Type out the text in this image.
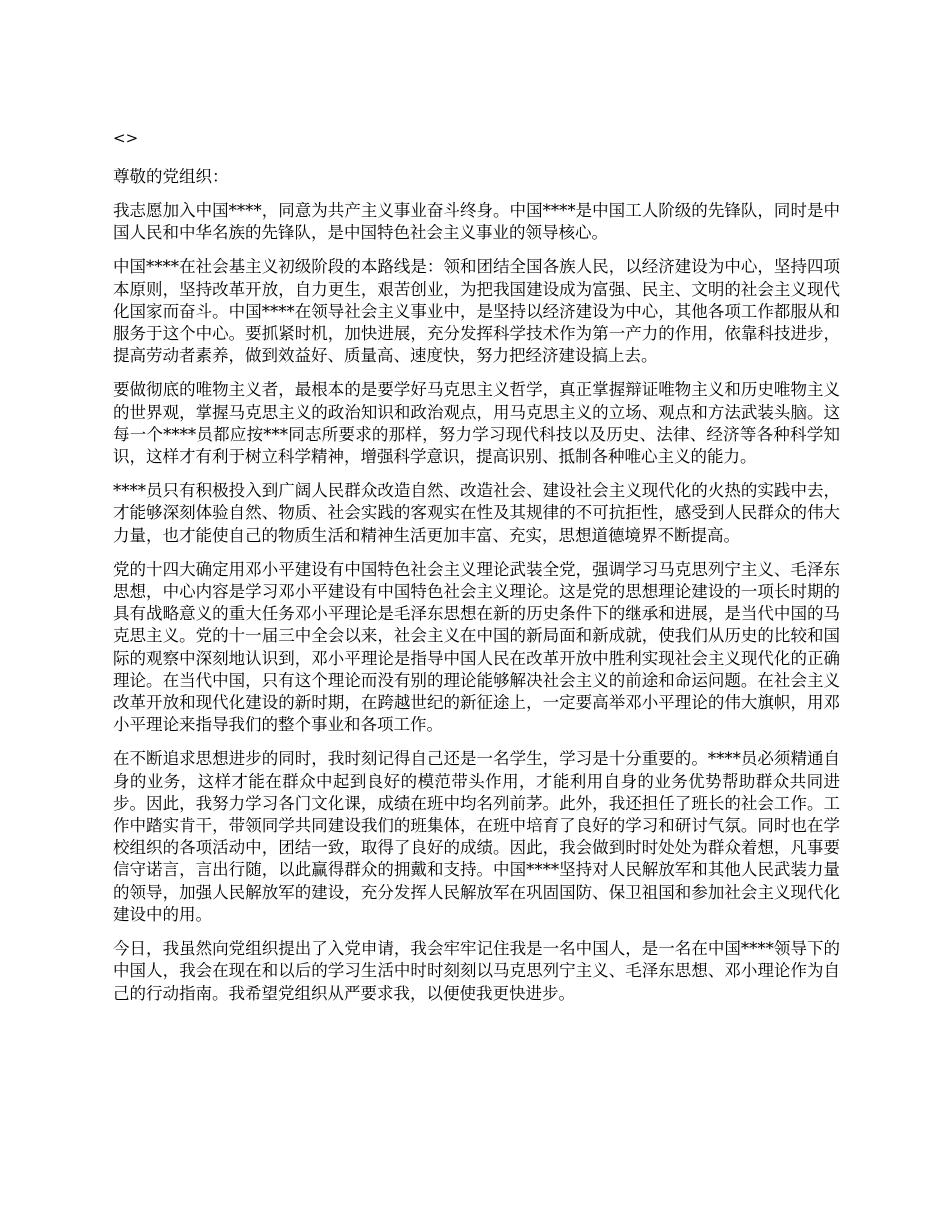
<>
尊敬的党组织：

我志愿加入中国****，同意为共产主义事业奋斗终身。中国****是中国工人阶级的先锋队，同时是中国人民和中华名族的先锋队，是中国特色社会主义事业的领导核心。

中国****在社会基主义初级阶段的本路线是：领和团结全国各族人民，以经济建设为中心，坚持四项本原则，坚持改革开放，自力更生，艰苦创业，为把我国建设成为富强、民主、文明的社会主义现代化国家而奋斗。中国****在领导社会主义事业中，是坚持以经济建设为中心，其他各项工作都服从和服务于这个中心。要抓紧时机，加快进展，充分发挥科学技术作为第一产力的作用，依靠科技进步，提高劳动者素养，做到效益好、质量高、速度快，努力把经济建设搞上去。

要做彻底的唯物主义者，最根本的是要学好马克思主义哲学，真正掌握辩证唯物主义和历史唯物主义的世界观，掌握马克思主义的政治知识和政治观点，用马克思主义的立场、观点和方法武装头脑。这每一个****员都应按***同志所要求的那样，努力学习现代科技以及历史、法律、经济等各种科学知识，这样才有利于树立科学精神，增强科学意识，提高识别、抵制各种唯心主义的能力。

****员只有积极投入到广阔人民群众改造自然、改造社会、建设社会主义现代化的火热的实践中去，才能够深刻体验自然、物质、社会实践的客观实在性及其规律的不可抗拒性，感受到人民群众的伟大力量，也才能使自己的物质生活和精神生活更加丰富、充实，思想道德境界不断提高。

党的十四大确定用邓小平建设有中国特色社会主义理论武装全党，强调学习马克思列宁主义、毛泽东思想，中心内容是学习邓小平建设有中国特色社会主义理论。这是党的思想理论建设的一项长时期的具有战略意义的重大任务邓小平理论是毛泽东思想在新的历史条件下的继承和进展，是当代中国的马克思主义。党的十一届三中全会以来，社会主义在中国的新局面和新成就，使我们从历史的比较和国际的观察中深刻地认识到，邓小平理论是指导中国人民在改革开放中胜利实现社会主义现代化的正确理论。在当代中国，只有这个理论而没有别的理论能够解决社会主义的前途和命运问题。在社会主义改革开放和现代化建设的新时期，在跨越世纪的新征途上，一定要高举邓小平理论的伟大旗帜，用邓小平理论来指导我们的整个事业和各项工作。

在不断追求思想进步的同时，我时刻记得自己还是一名学生，学习是十分重要的。****员必须精通自身的业务，这样才能在群众中起到良好的模范带头作用，才能利用自身的业务优势帮助群众共同进步。因此，我努力学习各门文化课，成绩在班中均名列前茅。此外，我还担任了班长的社会工作。工作中踏实肯干，带领同学共同建设我们的班集体，在班中培育了良好的学习和研讨气氛。同时也在学校组织的各项活动中，团结一致，取得了良好的成绩。因此，我会做到时时处处为群众着想，凡事要信守诺言，言出行随，以此赢得群众的拥戴和支持。中国****坚持对人民解放军和其他人民武装力量的领导，加强人民解放军的建设，充分发挥人民解放军在巩固国防、保卫祖国和参加社会主义现代化建设中的用。

今日，我虽然向党组织提出了入党申请，我会牢牢记住我是一名中国人，是一名在中国****领导下的中国人，我会在现在和以后的学习生活中时时刻刻以马克思列宁主义、毛泽东思想、邓小理论作为自己的行动指南。我希望党组织从严要求我，以便使我更快进步。
